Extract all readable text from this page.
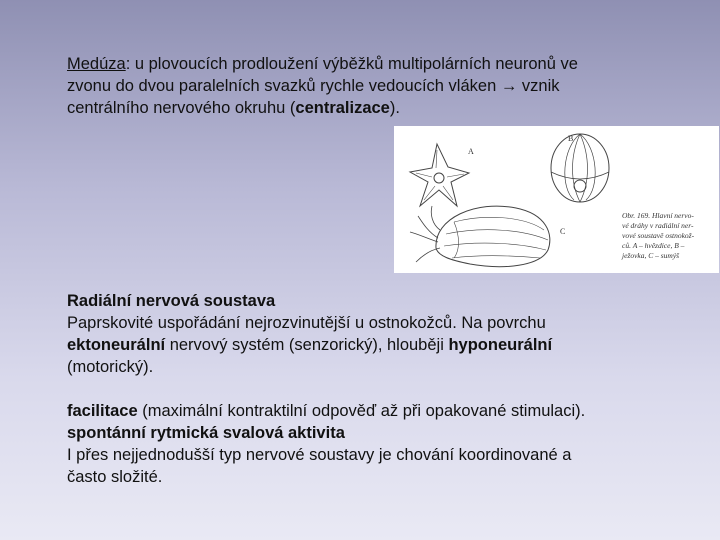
Medúza: u plovoucích prodloužení výběžků multipolárních neuronů ve
zvonu do dvou paralelních svazků rychle vedoucích vláken → vznik
centrálního nervového okruhu (centralizace).

A
B
C
Obr. 169. Hlavní nervo-
vé dráhy v radiální ner-
vové soustavě ostnokož-
ců. A – hvězdice, B –
ježovka, C – sumýš

Radiální nervová soustava
Paprskovité uspořádání nejrozvinutější u ostnokožců. Na povrchu
ektoneurální nervový systém (senzorický), hlouběji hyponeurální
(motorický).

facilitace (maximální kontraktilní odpověď až při opakované stimulaci).
spontánní rytmická svalová aktivita
I přes nejjednodušší typ nervové soustavy je chování koordinované a
často složité.
